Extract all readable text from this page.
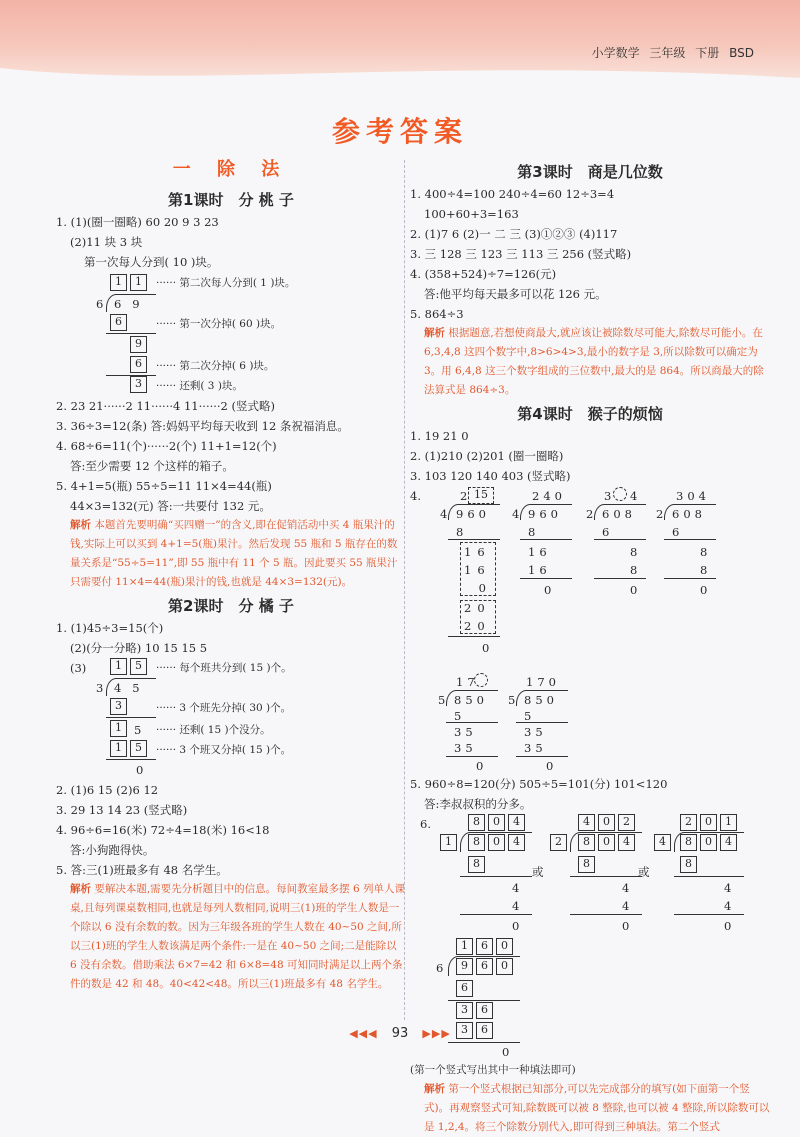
小学数学 三年级 下册 BSD
参考答案
一 除 法
第1课时　分 桃 子
1. (1)(圈一圈略) 60 20 9 3 23
(2)11 块 3 块
第一次每人分到( 10 )块。
1	1	······ 第二次每人分到( 1 )块。
6 6   9
6	······ 第一次分掉( 60 )块。
9
6	······ 第二次分掉( 6 )块。
3	······ 还剩( 3 )块。
2. 23 21······2 11······4 11······2 (竖式略)
3. 36÷3=12(条) 答:妈妈平均每天收到 12 条祝福消息。
4. 68÷6=11(个)······2(个) 11+1=12(个)
答:至少需要 12 个这样的箱子。
5. 4+1=5(瓶) 55÷5=11 11×4=44(瓶)
44×3=132(元) 答:一共要付 132 元。
解析 本题首先要明确“买四赠一”的含义,即在促销活动中买 4 瓶果汁的钱,实际上可以买到 4+1=5(瓶)果汁。然后发现 55 瓶和 5 瓶存在的数量关系是“55÷5=11”,即 55 瓶中有 11 个 5 瓶。因此要买 55 瓶果汁只需要付 11×4=44(瓶)果汁的钱,也就是 44×3=132(元)。
第2课时　分 橘 子
1. (1)45÷3=15(个)
(2)(分一分略) 10 15 15 5
(3)	1	5	······ 每个班共分到( 15 )个。
3 4   5
3	······ 3 个班先分掉( 30 )个。
1	5 ······ 还剩( 15 )个没分。
1	5	······ 3 个班又分掉( 15 )个。
0
2. (1)6 15 (2)6 12
3. 29 13 14 23 (竖式略)
4. 96÷6=16(米) 72÷4=18(米) 16<18
答:小狗跑得快。
5. 答:三(1)班最多有 48 名学生。
解析 要解决本题,需要先分析题目中的信息。每间教室最多摆 6 列单人课桌,且每列课桌数相同,也就是每列人数相同,说明三(1)班的学生人数是一个除以 6 没有余数的数。因为三年级各班的学生人数在 40~50 之间,所以三(1)班的学生人数该满足两个条件:一是在 40~50 之间;二是能除以 6 没有余数。借助乘法 6×7=42 和 6×8=48 可知同时满足以上两个条件的数是 42 和 48。40<42<48。所以三(1)班最多有 48 名学生。
第3课时　商是几位数
1. 400÷4=100 240÷4=60 12÷3=4
100+60+3=163
2. (1)7 6 (2)一 二 三 (3)①②③ (4)117
3. 三 128 三 123 三 113 三 256 (竖式略)
4. (358+524)÷7=126(元)
答:他平均每天最多可以花 126 元。
5. 864÷3
解析 根据题意,若想使商最大,就应该让被除数尽可能大,除数尽可能小。在 6,3,4,8 这四个数字中,8>6>4>3,最小的数字是 3,所以除数可以确定为 3。用 6,4,8 这三个数字组成的三位数中,最大的是 864。所以商最大的除法算式是 864÷3。
第4课时　猴子的烦恼
1. 19 21 0
2. (1)210 (2)201 (圈一圈略)
3. 103 120 140 403 (竖式略)
4.	2 15
4 960
8
16
16
0
20
20
0
240
4 960
8
16
16
0
3 4
2 608
6
8
8
0
304
2 608
6
8
8
0
17
5 850
5
35
35
170
5 850
5
35
35
0	0
5. 960÷8=120(分) 505÷5=101(分) 101<120
答:李叔叔积的分多。
6.	8	0	4
1	8	0	4
8
4
4
0
或
4	0	2
2	8	0	4
8
4
4
0
或
2	0	1
4	8	0	4
8
4
4
0
1	6	0
6	9	6	0
6
3	6
3	6
0
(第一个竖式写出其中一种填法即可)
解析 第一个竖式根据已知部分,可以先完成部分的填写(如下面第一个竖式)。再观察竖式可知,除数既可以被 8 整除,也可以被 4 整除,所以除数可以是 1,2,4。将三个除数分别代入,即可得到三种填法。第二个竖式
◀◀◀ 93 ▶▶▶
